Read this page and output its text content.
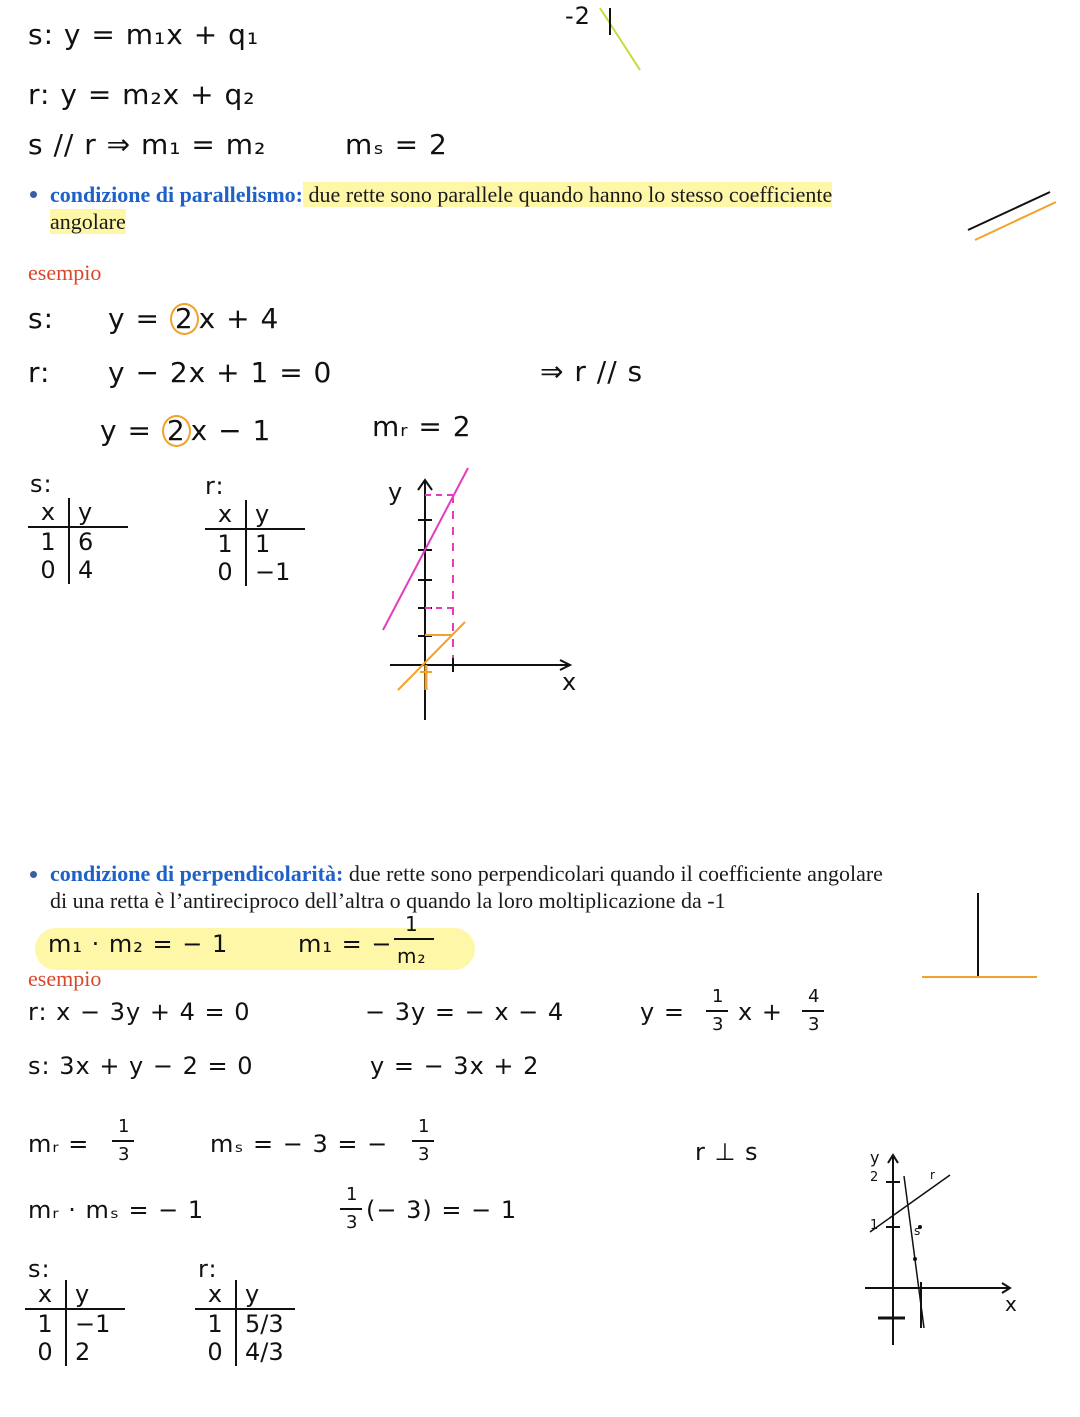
s: y = m₁x + q₁
r: y = m₂x + q₂
s // r ⇒ m₁ = m₂	mₛ = 2
-2
condizione di parallelismo: due rette sono parallele quando hanno lo stesso coefficiente
angolare
esempio
s: y = 2 x + 4
r: y − 2x + 1 = 0
y = 2 x − 1	mᵣ = 2
⇒ r // s
s:
x y
1 6
0 4
r:
x y
1 1
0 −1
y
x
condizione di perpendicolarità: due rette sono perpendicolari quando il coefficiente angolare
di una retta è l’antireciproco dell’altra o quando la loro moltiplicazione da -1
m₁ · m₂ = − 1	m₁ = −
1
m₂
esempio
r: x − 3y + 4 = 0	− 3y = − x − 4	y =
1
3 x +
4
3
s: 3x + y − 2 = 0	y = − 3x + 2
mᵣ =
1
3	mₛ = − 3 = −
1
3	r ⊥ s
mᵣ · mₛ = − 1
1
3 (− 3) = − 1
s:
x y
1 −1
0 2
r:
x y
1 5/3
0 4/3
y
2
1
x
r
s
